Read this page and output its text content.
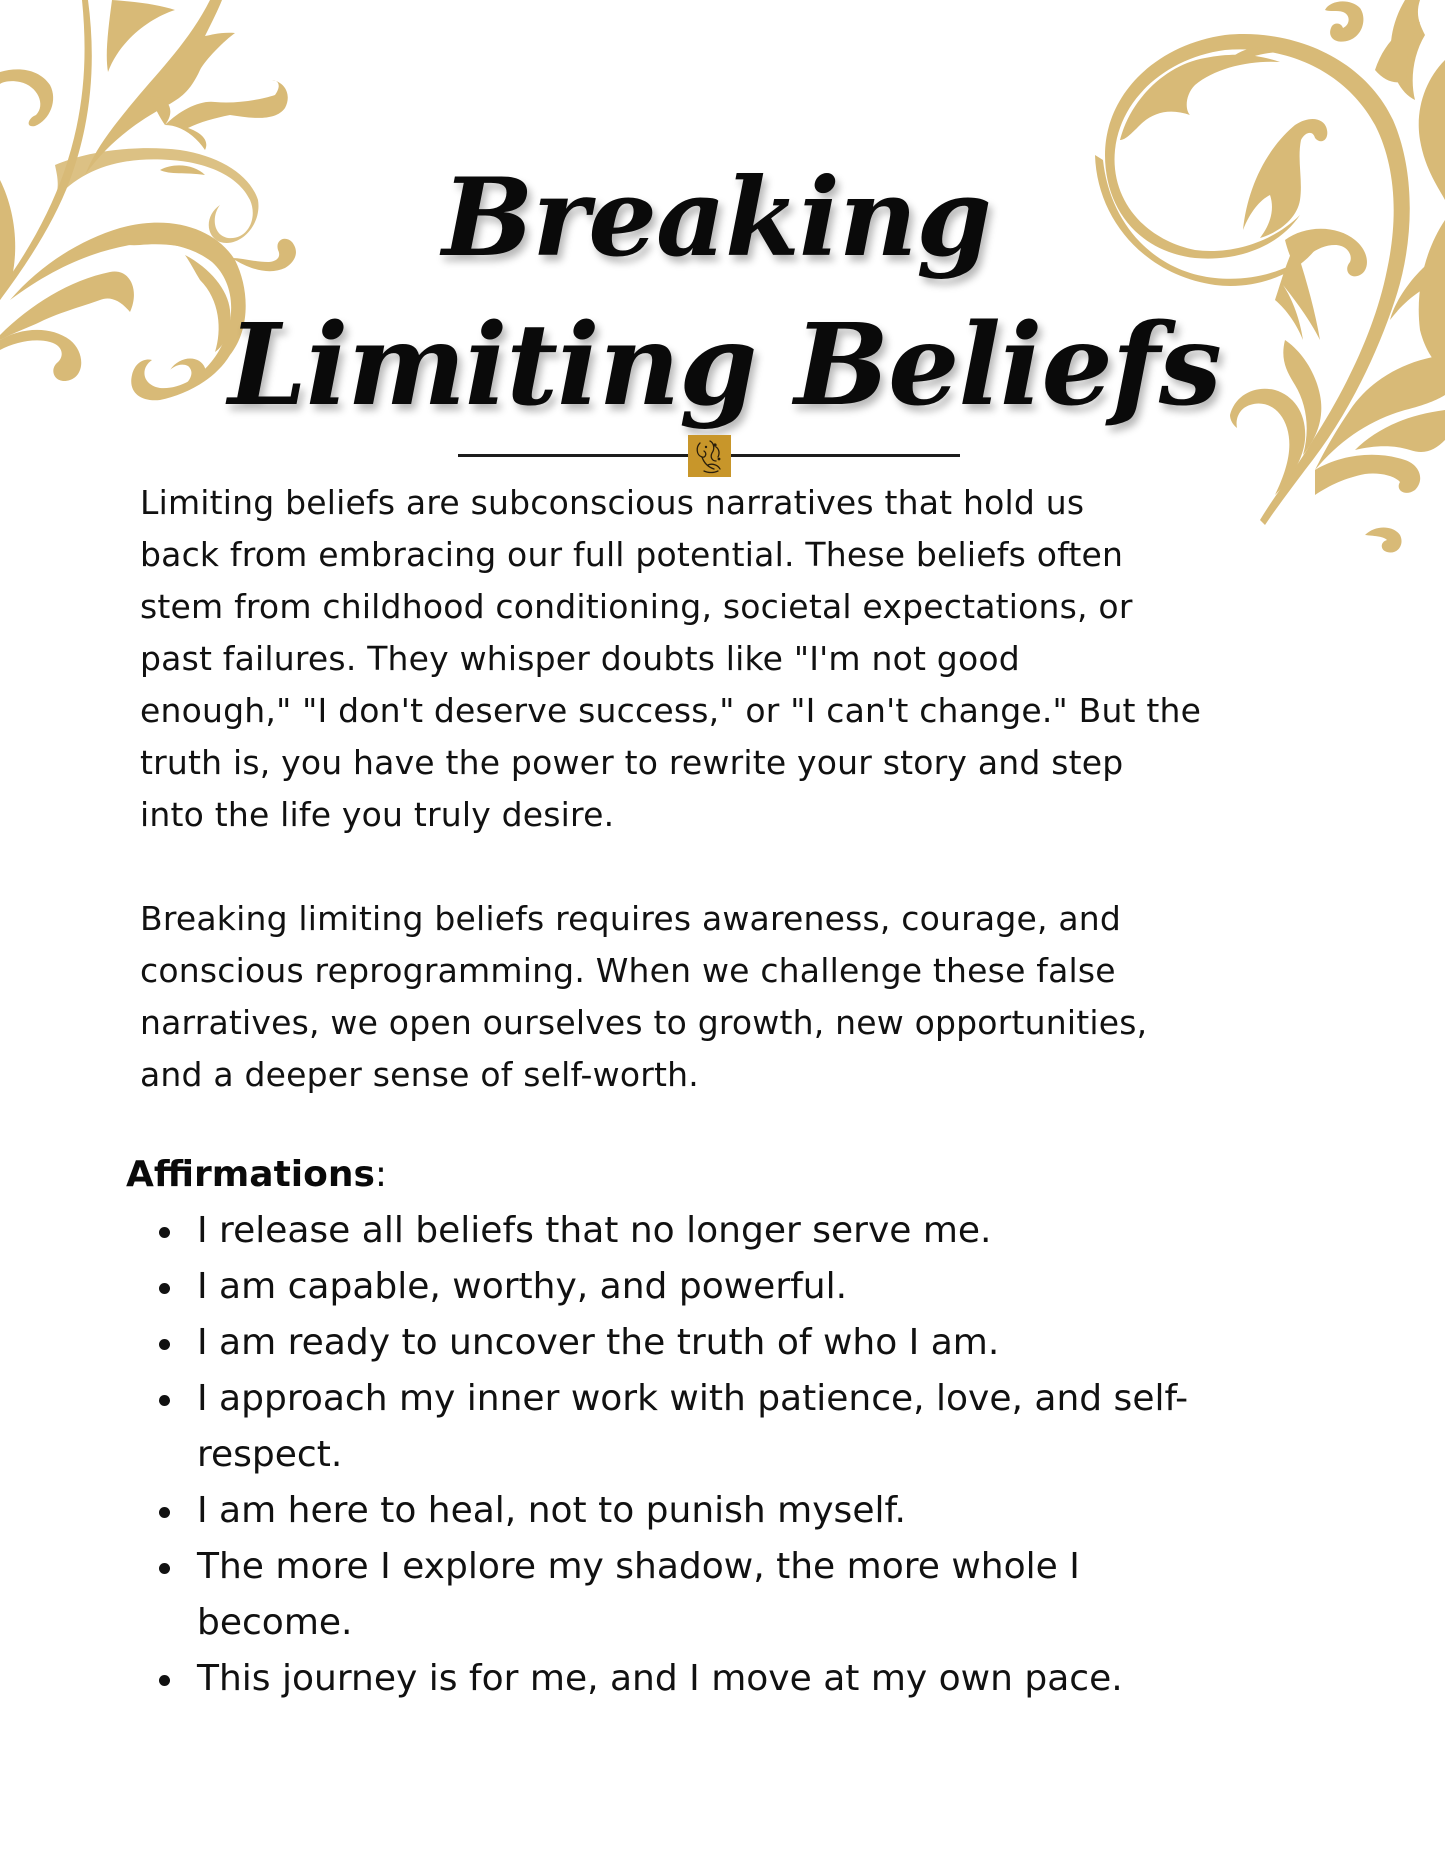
Breaking
Limiting Beliefs
Limiting beliefs are subconscious narratives that hold us
back from embracing our full potential. These beliefs often
stem from childhood conditioning, societal expectations, or
past failures. They whisper doubts like "I'm not good
enough," "I don't deserve success," or "I can't change." But the
truth is, you have the power to rewrite your story and step
into the life you truly desire.
Breaking limiting beliefs requires awareness, courage, and
conscious reprogramming. When we challenge these false
narratives, we open ourselves to growth, new opportunities,
and a deeper sense of self-worth.
Affirmations:
I release all beliefs that no longer serve me.
I am capable, worthy, and powerful.
I am ready to uncover the truth of who I am.
I approach my inner work with patience, love, and self-
respect.
I am here to heal, not to punish myself.
The more I explore my shadow, the more whole I
become.
This journey is for me, and I move at my own pace.
